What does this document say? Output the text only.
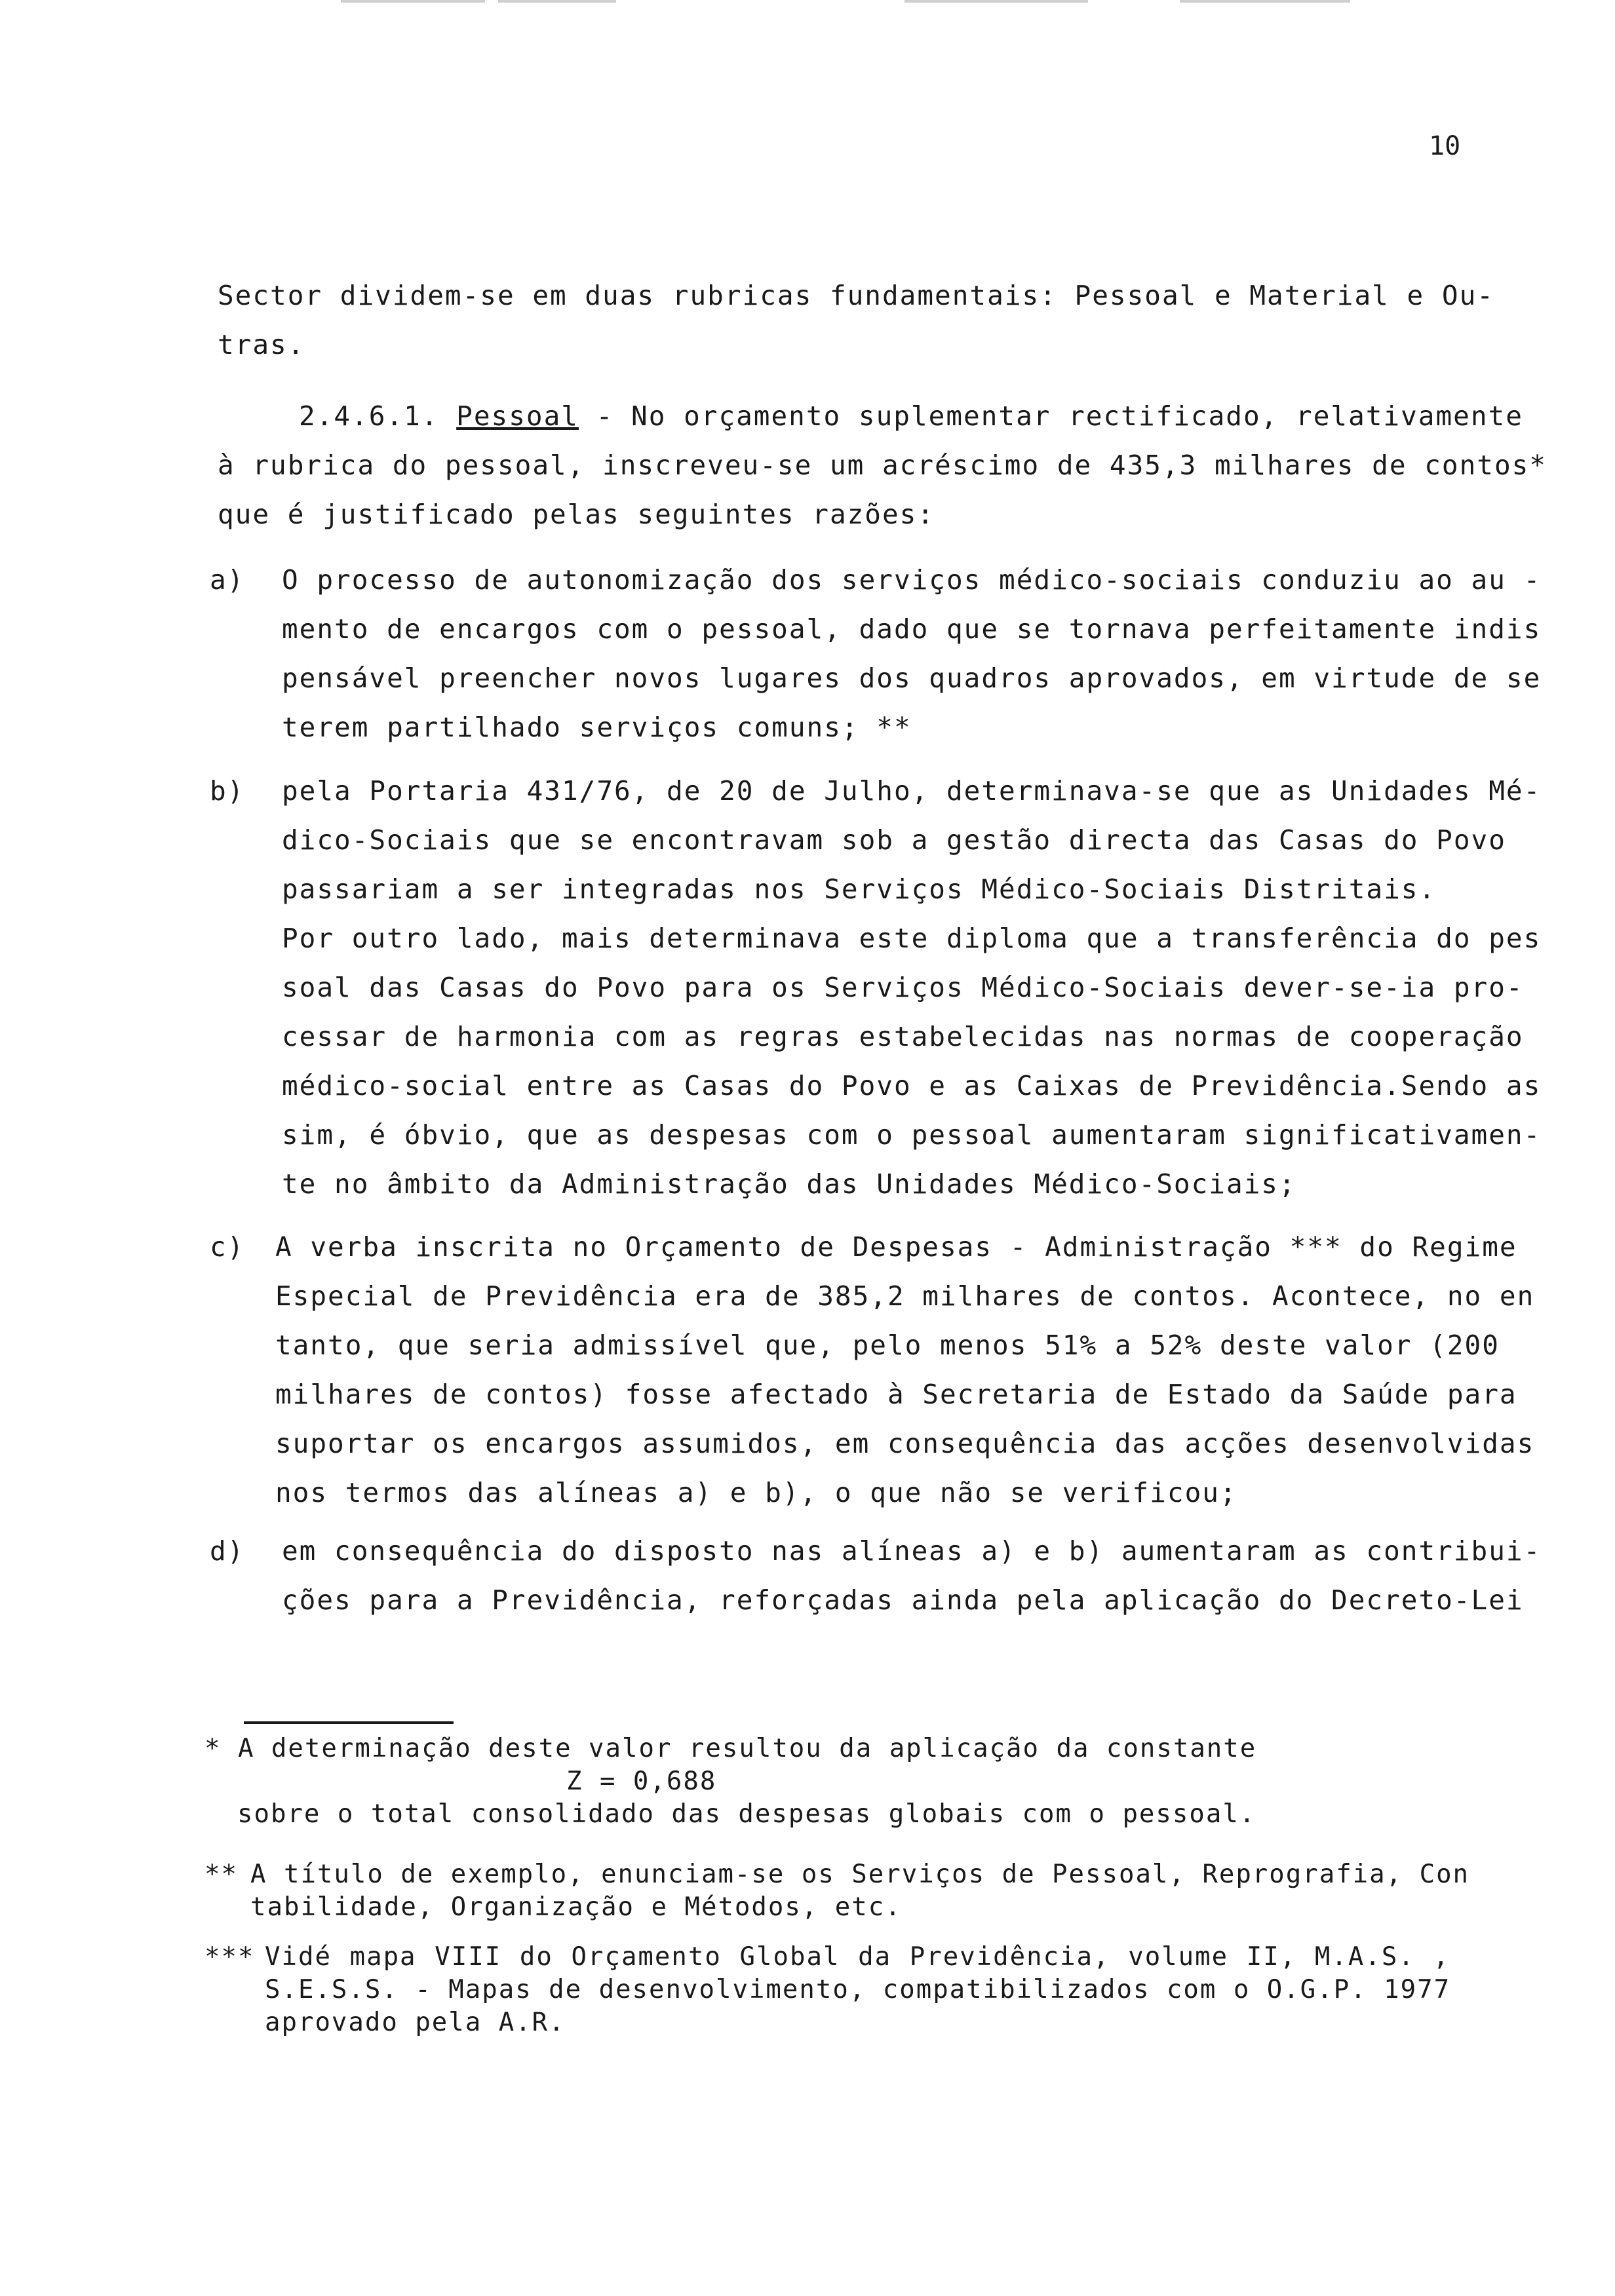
10
Sector dividem-se em duas rubricas fundamentais: Pessoal e Material e Ou-
tras.
2.4.6.1. Pessoal - No orçamento suplementar rectificado, relativamente
à rubrica do pessoal, inscreveu-se um acréscimo de 435,3 milhares de contos*
que é justificado pelas seguintes razões:
a)	O processo de autonomização dos serviços médico-sociais conduziu ao au -
mento de encargos com o pessoal, dado que se tornava perfeitamente indis
pensável preencher novos lugares dos quadros aprovados, em virtude de se
terem partilhado serviços comuns; **
b)	pela Portaria 431/76, de 20 de Julho, determinava-se que as Unidades Mé-
dico-Sociais que se encontravam sob a gestão directa das Casas do Povo
passariam a ser integradas nos Serviços Médico-Sociais Distritais.
Por outro lado, mais determinava este diploma que a transferência do pes
soal das Casas do Povo para os Serviços Médico-Sociais dever-se-ia pro-
cessar de harmonia com as regras estabelecidas nas normas de cooperação
médico-social entre as Casas do Povo e as Caixas de Previdência.Sendo as
sim, é óbvio, que as despesas com o pessoal aumentaram significativamen-
te no âmbito da Administração das Unidades Médico-Sociais;
c)	A verba inscrita no Orçamento de Despesas - Administração *** do Regime
Especial de Previdência era de 385,2 milhares de contos. Acontece, no en
tanto, que seria admissível que, pelo menos 51% a 52% deste valor (200
milhares de contos) fosse afectado à Secretaria de Estado da Saúde para
suportar os encargos assumidos, em consequência das acções desenvolvidas
nos termos das alíneas a) e b), o que não se verificou;
d)	em consequência do disposto nas alíneas a) e b) aumentaram as contribui-
ções para a Previdência, reforçadas ainda pela aplicação do Decreto-Lei
* A determinação deste valor resultou da aplicação da constante
Z = 0,688
sobre o total consolidado das despesas globais com o pessoal.
** A título de exemplo, enunciam-se os Serviços de Pessoal, Reprografia, Con
tabilidade, Organização e Métodos, etc.
*** Vidé mapa VIII do Orçamento Global da Previdência, volume II, M.A.S. ,
S.E.S.S. - Mapas de desenvolvimento, compatibilizados com o O.G.P. 1977
aprovado pela A.R.
